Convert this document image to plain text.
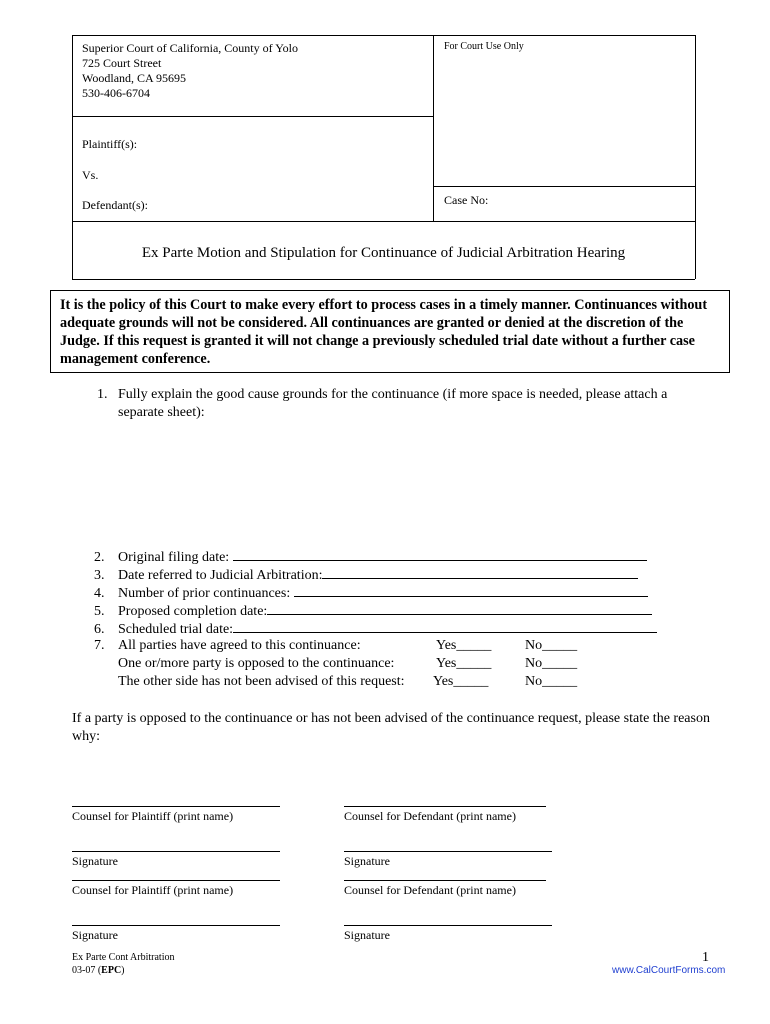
Superior Court of California, County of Yolo
725 Court Street
Woodland, CA 95695
530-406-6704
For Court Use Only
Plaintiff(s):
Vs.
Defendant(s):	Case No:
Ex Parte Motion and Stipulation for Continuance of Judicial Arbitration Hearing
It is the policy of this Court to make every effort to process cases in a timely manner. Continuances without adequate grounds will not be considered. All continuances are granted or denied at the discretion of the Judge. If this request is granted it will not change a previously scheduled trial date without a further case management conference.
1. Fully explain the good cause grounds for the continuance (if more space is needed, please attach a separate sheet):
2. Original filing date:
3. Date referred to Judicial Arbitration:
4. Number of prior continuances:
5. Proposed completion date:
6. Scheduled trial date:
7. All parties have agreed to this continuance:	Yes_____ No_____
One or/more party is opposed to the continuance:	Yes_____ No_____
The other side has not been advised of this request: Yes_____	No_____
If a party is opposed to the continuance or has not been advised of the continuance request, please state the reason why:
Counsel for Plaintiff (print name)	Counsel for Defendant (print name)
Signature	Signature
Counsel for Plaintiff (print name)	Counsel for Defendant (print name)
Signature	Signature
Ex Parte Cont Arbitration
03-07 (EPC)
1
www.CalCourtForms.com
